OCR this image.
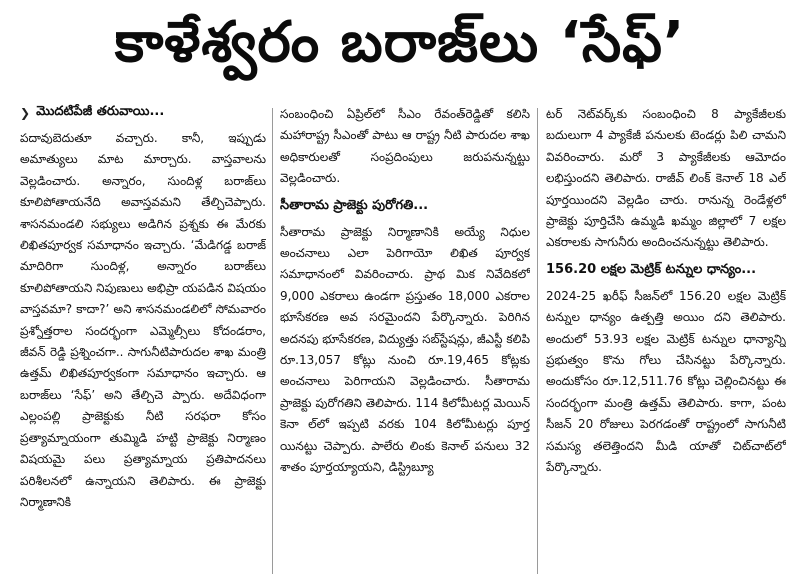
కాళేశ్వరం బరాజ్‌లు ‘సేఫ్’
❯ మొదటిపేజీ తరువాయి...

పదావుబెదుతూ వచ్చారు. కానీ, ఇప్పుడు అమాత్యులు మాట మార్చారు. వాస్తవాలను వెల్లడించారు. అన్నారం, సుందిళ్ల బరాజ్‌లు కూలిపోతాయనేది అవాస్తవమని తేల్చిచెప్పారు. శాసనమండలి సభ్యులు అడిగిన ప్రశ్నకు ఈ మేరకు లిఖితపూర్వక సమాధానం ఇచ్చారు. ‘మేడిగడ్డ బరాజ్ మాదిరిగా సుందిళ్ల, అన్నారం బరాజ్‌లు కూలిపోతాయని నిపుణులు అభిప్రా యపడిన విషయం వాస్తవమా? కాదా?’ అని శాసనమండలిలో సోమవారం ప్రశ్నోత్తరాల సందర్భంగా ఎమ్మెల్సీలు కోదండరాం, జీవన్ రెడ్డి ప్రశ్నించగా.. సాగునీటిపారుదల శాఖ మంత్రి ఉత్తమ్ లిఖితపూర్వకంగా సమాధానం ఇచ్చారు. ఆ బరాజ్‌లు ‘సేఫ్’ అని తేల్చిచె ప్పారు. అదేవిధంగా ఎల్లంపల్లి ప్రాజెక్టుకు నీటి సరఫరా కోసం ప్రత్యామ్నాయంగా తుమ్మిడి హట్టి ప్రాజెక్టు నిర్మాణం విషయమై పలు ప్రత్యామ్నాయ ప్రతిపాదనలు పరిశీలనలో ఉన్నాయని తెలిపారు. ఈ ప్రాజెక్టు నిర్మాణానికి

సంబంధించి ఏప్రిల్‌లో సీఎం రేవంత్‌రెడ్డితో కలిసి మహారాష్ట్ర సీఎంతో పాటు ఆ రాష్ట్ర నీటి పారుదల శాఖ అధికారులతో సంప్రదింపులు జరుపనున్నట్టు వెల్లడించారు.

సీతారామ ప్రాజెక్టు పురోగతి...

సీతారామ ప్రాజెక్టు నిర్మాణానికి అయ్యే నిధుల అంచనాలు ఎలా పెరిగాయో లిఖిత పూర్వక సమాధానంలో వివరించారు. ప్రాథ మిక నివేదికలో 9,000 ఎకరాలు ఉండగా ప్రస్తుతం 18,000 ఎకరాల భూసేకరణ అవ సరమైందని పేర్కొన్నారు. పెరిగిన అదనపు భూసేకరణ, విద్యుత్తు సబ్‌స్టేషన్లు, జీఎస్టీ కలిపి రూ.13,057 కోట్లు నుంచి రూ.19,465 కోట్లకు అంచనాలు పెరిగాయని వెల్లడించారు. సీతారామ ప్రాజెక్టు పురోగతిని తెలిపారు. 114 కిలోమీటర్ల మెయిన్ కెనా ల్‌లో ఇప్పటి వరకు 104 కిలోమీటర్లు పూర్త యినట్టు చెప్పారు. పాలేరు లింకు కెనాల్ పనులు 32 శాతం పూర్తయ్యాయని, డిస్ట్రిబ్యూ

టర్ నెట్‌వర్క్‌కు సంబంధించి 8 ప్యాకేజీలకు బదులుగా 4 ప్యాకేజీ పనులకు టెండర్లు పిలి చామని వివరించారు. మరో 3 ప్యాకేజీలకు ఆమోదం లభిస్తుందని తెలిపారు. రాజీవ్ లింక్ కెనాల్ 18 ఎల్ పూర్తయిందని వెల్లడిం చారు. రానున్న రెండేళ్లలో ప్రాజెక్టు పూర్తిచేసి ఉమ్మడి ఖమ్మం జిల్లాలో 7 లక్షల ఎకరాలకు సాగునీరు అందించనున్నట్టు తెలిపారు.

156.20 లక్షల మెట్రిక్ టన్నుల ధాన్యం...

2024-25 ఖరీఫ్ సీజన్‌లో 156.20 లక్షల మెట్రిక్ టన్నుల ధాన్యం ఉత్పత్తి అయిం దని తెలిపారు. అందులో 53.93 లక్షల మెట్రిక్ టన్నుల ధాన్యాన్ని ప్రభుత్వం కొను గోలు చేసినట్టు పేర్కొన్నారు. అందుకోసం రూ.12,511.76 కోట్లు చెల్లించినట్టు ఈ సందర్భంగా మంత్రి ఉత్తమ్ తెలిపారు. కాగా, పంట సీజన్ 20 రోజులు పెరగడంతో రాష్ట్రంలో సాగునీటి సమస్య తలెత్తిందని మీడి యాతో చిట్‌చాట్‌లో పేర్కొన్నారు.
